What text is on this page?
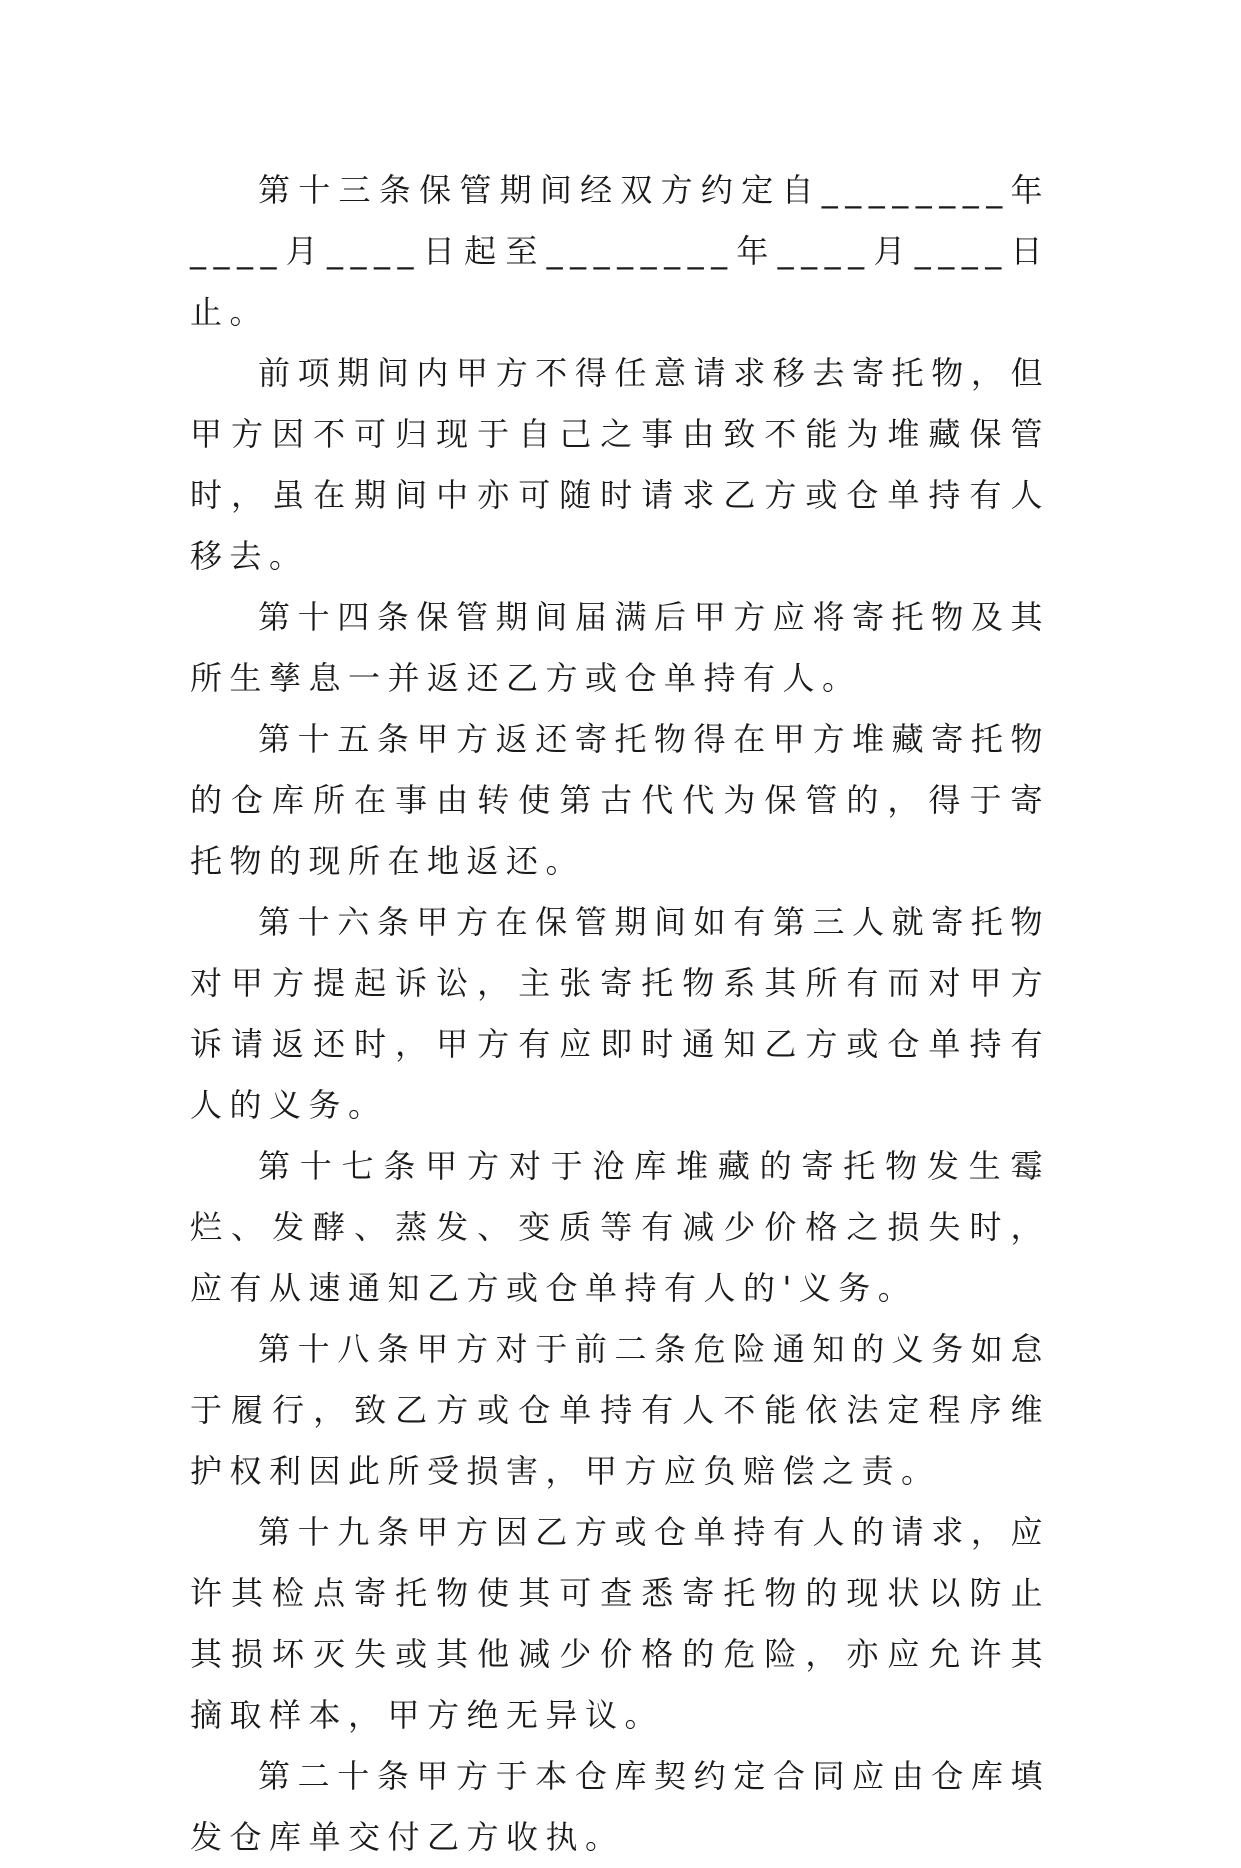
第十三条保管期间经双方约定自________年____月____日起至________年____月____日止。

前项期间内甲方不得任意请求移去寄托物，但甲方因不可归现于自己之事由致不能为堆藏保管时，虽在期间中亦可随时请求乙方或仓单持有人移去。

第十四条保管期间届满后甲方应将寄托物及其所生孳息一并返还乙方或仓单持有人。

第十五条甲方返还寄托物得在甲方堆藏寄托物的仓库所在事由转使第古代代为保管的，得于寄托物的现所在地返还。

第十六条甲方在保管期间如有第三人就寄托物对甲方提起诉讼，主张寄托物系其所有而对甲方诉请返还时，甲方有应即时通知乙方或仓单持有人的义务。

第十七条甲方对于沧库堆藏的寄托物发生霉烂、发酵、蒸发、变质等有减少价格之损失时，应有从速通知乙方或仓单持有人的'义务。

第十八条甲方对于前二条危险通知的义务如怠于履行，致乙方或仓单持有人不能依法定程序维护权利因此所受损害，甲方应负赔偿之责。

第十九条甲方因乙方或仓单持有人的请求，应许其检点寄托物使其可查悉寄托物的现状以防止其损坏灭失或其他减少价格的危险，亦应允许其摘取样本，甲方绝无异议。

第二十条甲方于本仓库契约定合同应由仓库填发仓库单交付乙方收执。
